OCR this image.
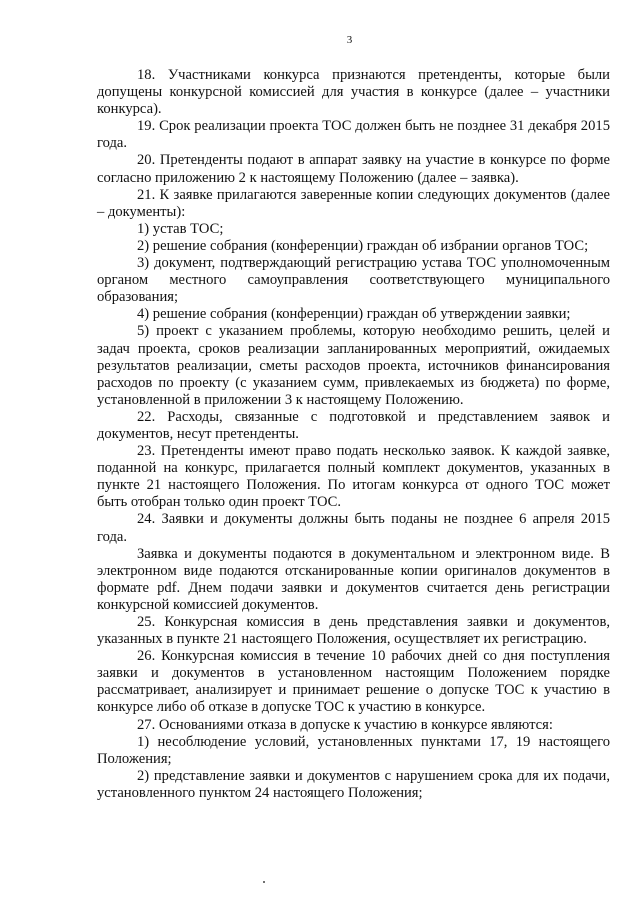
3

18. Участниками конкурса признаются претенденты, которые были допущены конкурсной комиссией для участия в конкурсе (далее – участники конкурса).

19. Срок реализации проекта ТОС должен быть не позднее 31 декабря 2015 года.

20. Претенденты подают в аппарат заявку на участие в конкурсе по форме согласно приложению 2 к настоящему Положению (далее – заявка).

21. К заявке прилагаются заверенные копии следующих документов (далее – документы):

1) устав ТОС;

2) решение собрания (конференции) граждан об избрании органов ТОС;

3) документ, подтверждающий регистрацию устава ТОС уполномоченным органом местного самоуправления соответствующего муниципального образования;

4) решение собрания (конференции) граждан об утверждении заявки;

5) проект с указанием проблемы, которую необходимо решить, целей и задач проекта, сроков реализации запланированных мероприятий, ожидаемых результатов реализации, сметы расходов проекта, источников финансирования расходов по проекту (с указанием сумм, привлекаемых из бюджета) по форме, установленной в приложении 3 к настоящему Положению.

22. Расходы, связанные с подготовкой и представлением заявок и документов, несут претенденты.

23. Претенденты имеют право подать несколько заявок. К каждой заявке, поданной на конкурс, прилагается полный комплект документов, указанных в пункте 21 настоящего Положения. По итогам конкурса от одного ТОС может быть отобран только один проект ТОС.

24. Заявки и документы должны быть поданы не позднее 6 апреля 2015 года.

Заявка и документы подаются в документальном и электронном виде. В электронном виде подаются отсканированные копии оригиналов документов в формате pdf. Днем подачи заявки и документов считается день регистрации конкурсной комиссией документов.

25. Конкурсная комиссия в день представления заявки и документов, указанных в пункте 21 настоящего Положения, осуществляет их регистрацию.

26. Конкурсная комиссия в течение 10 рабочих дней со дня поступления заявки и документов в установленном настоящим Положением порядке рассматривает, анализирует и принимает решение о допуске ТОС к участию в конкурсе либо об отказе в допуске ТОС к участию в конкурсе.

27. Основаниями отказа в допуске к участию в конкурсе являются:

1) несоблюдение условий, установленных пунктами 17, 19 настоящего Положения;

2) представление заявки и документов с нарушением срока для их подачи, установленного пунктом 24 настоящего Положения;
